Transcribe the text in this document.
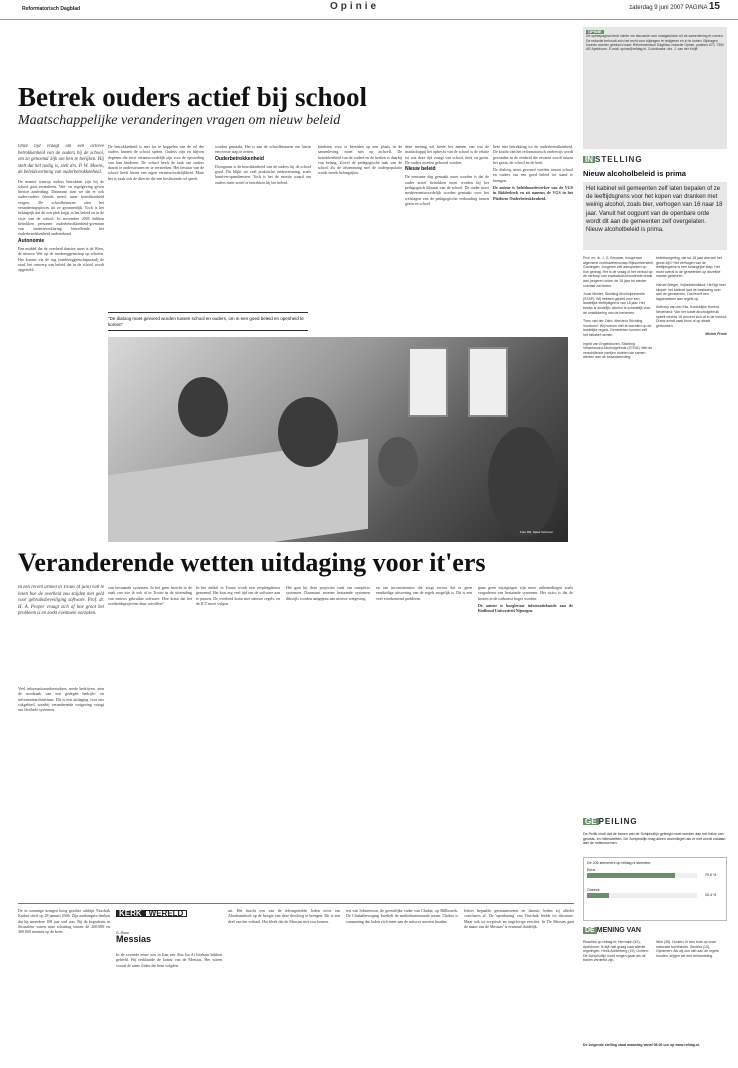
Reformatorisch Dagblad	Opinie	zaterdag 9 juni 2007 PAGINA 15
Betrek ouders actief bij school
Maatschappelijke veranderingen vragen om nieuw beleid

Onze tijd vraagt om een actieve betrokkenheid van de ouders bij de school, om zo genoemd 3ijk om hen te berijken. Hij stelt dat het nodig is, stelt drs. P. W. Moens, de beleidsvorming van ouderbetrokkenheid.

De manier waarop ouders betrokken zijn bij de school gaat veranderen. Wet- en regelgeving geven hiertoe aanleiding. Daarnaast zien we dat er ook ouder-ouders (steeds meer) meer betrokkenheid vragen. De schoolbesturen zien het veranderingsproces tot ze gezamenlijk. Toch is het belangrijk dat dit een plek krijgt in het beleid en in de visie van de school. In november 2005 hebben betrokken personen ouderbetrokkenheid-gremium van intentieverklaring betreffende het ouderbetrokkenheid ondertekend.

Autonomie

Een middel dat de overheid daartoe inzet is de Wms, de nieuwe Wet op de medezeggenschap op scholen. Het komen via de rug (medezeggenschapsraad) de raad, het ontwerp van beleid dat in de school wordt opgesteld.

De betrokkenheid is niet los te koppelen van de rol die ouders binnen de school spelen. Ouders zijn en blijven degenen die eerst verantwoordelijk zijn voor de opvoeding van hun kinderen. De school heeft de taak om ouders daarin te ondersteunen en te versterken. Het bestuur van de school heeft hierin een eigen verantwoordelijkheid. Maar het is vaak ook de directie die een beslissende rol speelt.

"De dialoog moet gevoerd worden tussen school en ouders, om in een goed beleid en openheid te komen"

worden gemaakt. Het is aan de schoolbesturen om hierin een eerste stap te zetten.

Ouderbetrokkenheid

Doorgaans is de betrokkenheid van de ouders bij de school goed. Dit blijkt uit veel praktische ondersteuning, zoals hand-en-spandiensten. Toch is het de moeite waard om ouders meer actief te betrekken bij het beleid.

kinderen voor te bereiden op een plaats in de samenleving, moet niet op zichzelf. De betrokkenheid van de ouders en de kerken is daarbij van belang. Zowel de pedagogische taak van de school als de afstemming met de ouderpopulatie wordt steeds belangrijker.

deze mening wil brede het nemen van wat de maatschappij het ophecht van de school is de relatie tot wat deze tijd vraagt van school, kerk en gezin. De ouders moeten gehoord worden.

Nieuw beleid

De eenzame dag gemaakt moet worden is dat de ouder actief betrokken moet worden bij het pedagogisch klimaat van de school. De ouder moet medeverantwoordelijk worden gemaakt voor het welslagen van de pedagogische verhouding tussen gezin en school.

hebt niet betrekking tot de ouderbetrokkenheid. De kracht van het reformatorisch onderwijs wordt gevonden in de eenheid die ervaren wordt tussen het gezin, de school en de kerk.

De dialoog moet gevoerd worden tussen school en ouders om een goed beleid tot stand te brengen.

De auteur is beleidsmedewerker van de VGS in Ridderkerk en zit namens de VGS in het Platform Ouderbetrokkenheid.

Foto RD, Sjaak Verboom
Veranderende wetten uitdaging voor it'ers

In een recent artikel in Trouw (4 juni) valt te lezen hoe de overheid zou snijden met geld voor gebruiksbeveiliging software. Prof. dr. H. A. Proper vraagt zich af hoe groot het probleem is en zoekt eventuele oorzaken.

Veel informaticaonderzoekers, mede bedrijven, zien de noodzaak van een gedegen bedrijfs- en informatiearchitectuur. Dit is een uitdaging voor ons vakgebied, waarbij veranderende wetgeving vraagt om flexibele systemen.

van bestaande systemen. In het geen inzicht in de zaak van wie ik ook al in Trouw in de uitzending van nieuws gebruikte software. Hoe komt dat het overheidsprojecten duur uitvallen?

In het artikel in Trouw wordt een verpleegdienst genoemd. Het kost erg veel tijd om de software aan te passen. De overheid komt met nieuwe regels, en de ICT moet volgen.

Het gaat bij deze projecten vaak om complexe systemen. Daarnaast moeten bestaande systemen dikwijls worden aangepast aan nieuwe wetgeving.

en om inconsistenties die zorgt ervoor dat er geen eenduidige uitvoering van de regels mogelijk is. Dit is een veel voorkomend probleem.

gaan geen wijzigingen zijn meer uitbestedingen zoals vergaderen van bestaande systemen. Het risico is dat de kosten in de toekomst hoger worden.

De auteur is hoogleraar informatiekunde aan de Radboud Universiteit Nijmegen.

De in sommige kringen hoog geachte rabbijn Yitzchak Kaduri stierf op 28 januari 2006. Zijn aanhangers denken dat hij meerdere 108 jaar oud was. Bij de begrafenis in Jeruzalem waren naar schatting tussen de 200.000 en 300.000 mensen op de been.

KERK WERELD
G. Roos
Messias

In de zevende eeuw zou in Iran een Abu Isa Al Isfahani hebben geleefd. Hij verklaarde de komst van de Messias. Het waren vooral de arme Joden die hem volgden.

uit. Het bracht een van de teleurgestelde Joden ertoe om Abrahamitisch op de hoogte van deze theoloog te brengen. Dit is een deel van het verhaal. Het bleek dat de Messias niet zou komen.

ten van Schneerson, de geestelijke vader van Chabat, op Billboards. De Chabatbeweging kwebelt de multidimensionale naam. Chabat is vanmening dat Joden zich meer aan de mitsvot moeten houden.

letters bepaalde geestaanwezen en daaruit leiden zij allerlei conclusies af. De 'openbaring' van Yitzchak leidde tot discussie. Maar ook tot sceptisch en ongelovige reacties. In 'De Messias gaat de naam van de Messias' is eenmaal duidelijk.

OPINIE
De opiniepagina biedt ruimte om discussie over vraagstukken uit de samenleving te voeren. De redactie behoudt zich het recht voor bijdragen te redigeren en in te korten. Bijdragen kunnen worden gestuurd naar: Reformatorisch Dagblad, redactie Opinie, postbus 670, 7300 AR Apeldoorn. E-mail: opinie@refdag.nl. Coördinator: drs. J. van der Knijff.
IN STELLING
Nieuw alcoholbeleid is prima
Het kabinet wil gemeenten zelf laten bepalen of ze de leeftijdsgrens voor het kopen van dranken met weinig alcohol, zoals bier, verhogen van 16 naar 18 jaar. Vanuit het oogpunt van de openbare orde wordt dit aan de gemeenten zelf overgelaten. Nieuw alcoholbeleid is prima.

Prof. mr. dr. J. G. Brouwer, hoogleraar algemene rechtswetenschap Rijksuniversiteit Groningen: Jongeren zelf aanspreken op hun gedrag. Het is de vraag of het verbod op de verkoop van zwakalcoholhoudende drank aan jongeren onder de 18 jaar tot minder overlast zal leiden.

Joost Mulder, Stichting Alcoholpreventie (STAP): Wij hebben gepleit voor een landelijke leeftijdsgrens van 18 jaar. Het bewijs is duidelijk: alcohol is schadelijk voor de ontwikkeling van de hersenen.

Theo van der Zalm, directeur Stichting Voorkom!: Wij hoeven niet te wachten op de landelijke regels. Gemeenten kunnen zelf het initiatief nemen.

Ingrid van Engelshoven, Stichting Verantwoord Alcoholgebruik (STIVA): Met de verschillende partijen moeten we samen werken aan de bewustwording.

beleidsregeling, dat tot 18 jaar dan wel het geval zijn? Het verhogen van de leeftijdsgrens is een belangrijke stap. Het moet overal in de gemeenten op dezelfde manier gebeuren.

Harold Wiegel, Vrijheidsinstituut: Het ligt heel simpel: het kabinet laat de beslissing over aan de gemeenten. Dat levert een lappendeken aan regels op.

Anthony van der Klis, Koninklijke Horeca Nederland: Van het totale alcoholgebruik speelt slechts 16 procent zich af in de horeca. Drank wordt vaak thuis of op straat gedronken.

Michel Pronk

GE PEILING
De Peilik vindt dat de banen van de Schiphollijn geleegd moet worden aan het halve van geluids- en milieuwetten. De Schiphollijn mag alleen doorvliegen als er niet wordt voldaan aan de milieunormen.
De 205 stemmers op refdag.nl stemden:
Eens
79,6 %
Oneens
20,4 %
DE MENING VAN

Reacties op refdag.nl: Hermann (52), Apeldoorn: Ik kijk niet graag naar allerlei regelingen. Henk Achterberg (19), Ochten: De Schiphollijn moet mogen gaan als de banen verdeeld zijn.

Wim (38), Houten: Ik ben trots op onze nationale luchthaven. Senitha (19), Ophemert: Als wij ons niet aan de regels houden, krijgen we een behandeling.

De volgende stelling staat maandag vanaf 08.00 uur op www.refdag.nl.
